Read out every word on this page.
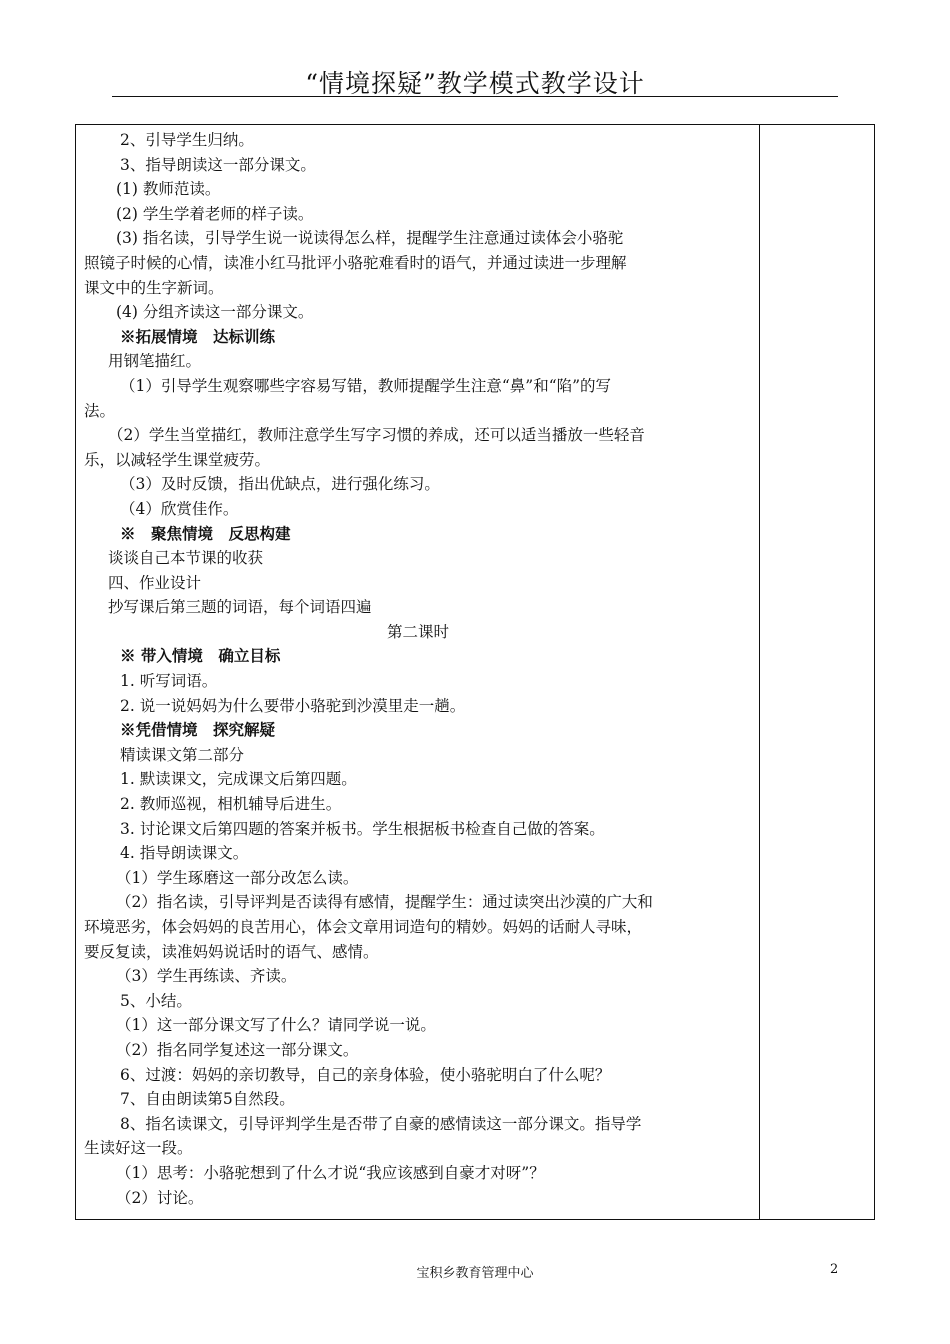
“情境探疑”教学模式教学设计
2、引导学生归纳。
3、指导朗读这一部分课文。
(1) 教师范读。
(2) 学生学着老师的样子读。
(3) 指名读，引导学生说一说读得怎么样，提醒学生注意通过读体会小骆驼
照镜子时候的心情，读准小红马批评小骆驼难看时的语气，并通过读进一步理解
课文中的生字新词。
(4) 分组齐读这一部分课文。
※拓展情境　达标训练
用钢笔描红。
（1）引导学生观察哪些字容易写错，教师提醒学生注意“鼻”和“陷”的写
法。
（2）学生当堂描红，教师注意学生写字习惯的养成，还可以适当播放一些轻音
乐，以减轻学生课堂疲劳。
（3）及时反馈，指出优缺点，进行强化练习。
（4）欣赏佳作。
※　聚焦情境　反思构建
谈谈自己本节课的收获
四、作业设计
抄写课后第三题的词语，每个词语四遍
第二课时
※ 带入情境　确立目标
1. 听写词语。
2. 说一说妈妈为什么要带小骆驼到沙漠里走一趟。
※凭借情境　探究解疑
精读课文第二部分
1. 默读课文，完成课文后第四题。
2. 教师巡视，相机辅导后进生。
3. 讨论课文后第四题的答案并板书。学生根据板书检查自己做的答案。
4. 指导朗读课文。
（1）学生琢磨这一部分改怎么读。
（2）指名读，引导评判是否读得有感情，提醒学生：通过读突出沙漠的广大和
环境恶劣，体会妈妈的良苦用心，体会文章用词造句的精妙。妈妈的话耐人寻味，
要反复读，读准妈妈说话时的语气、感情。
（3）学生再练读、齐读。
5、小结。
（1）这一部分课文写了什么？请同学说一说。
（2）指名同学复述这一部分课文。
6、过渡：妈妈的亲切教导，自己的亲身体验，使小骆驼明白了什么呢？
7、自由朗读第5自然段。
8、指名读课文，引导评判学生是否带了自豪的感情读这一部分课文。指导学
生读好这一段。
（1）思考：小骆驼想到了什么才说“我应该感到自豪才对呀”？
（2）讨论。
宝积乡教育管理中心	2
